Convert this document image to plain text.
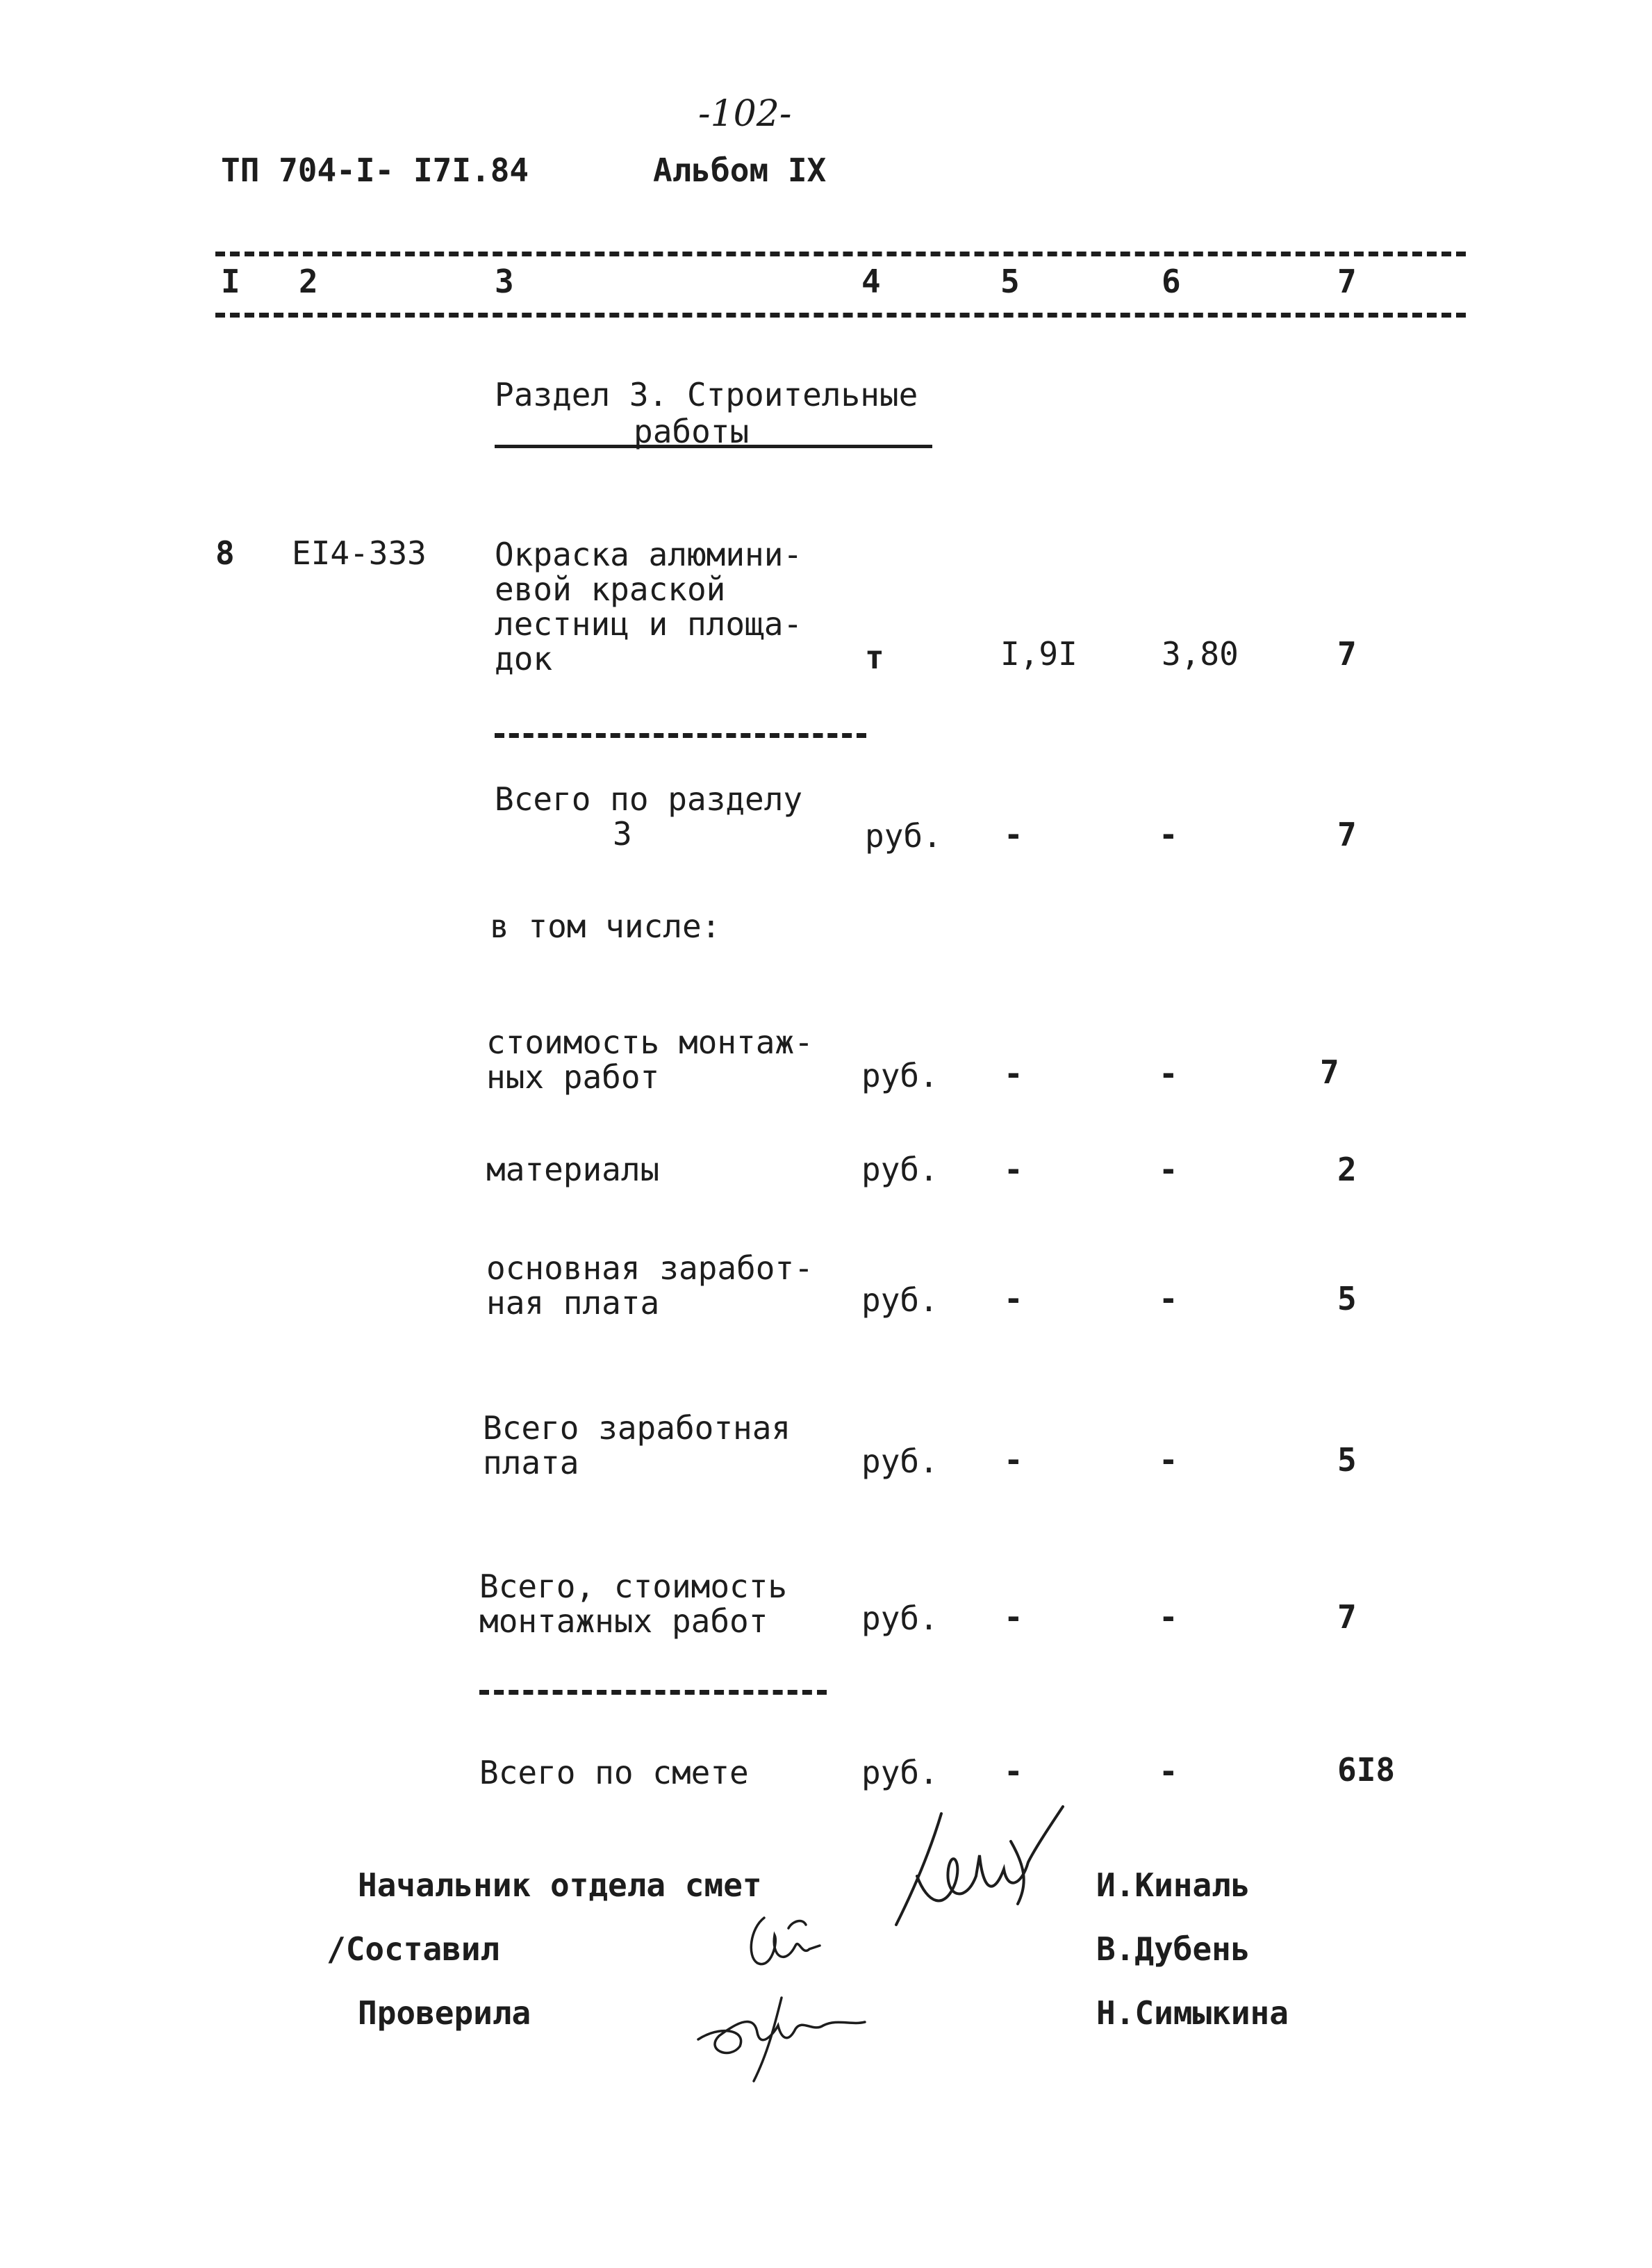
-102-
ТП 704-I- I7I.84	Альбом IX
I 2	3	4	5	6	7
Раздел 3. Строительные
работы
8 EI4-333 Окраска алюмини-
евой краской
лестниц и площа-
док	т	I,9I	3,80	7
Всего по разделу
3	руб. -	-	7
в том числе:
стоимость монтаж-
ных работ	руб. -	-	7
материалы	руб. -	-	2
основная заработ-
ная плата	руб. -	-	5
Всего заработная
плата	руб. -	-	5
Всего, стоимость
монтажных работ	руб. -	-	7
Всего по смете	руб. -	-	6I8
Начальник отдела смет	И.Киналь
/Составил	В.Дубень
Проверила	Н.Симыкина
